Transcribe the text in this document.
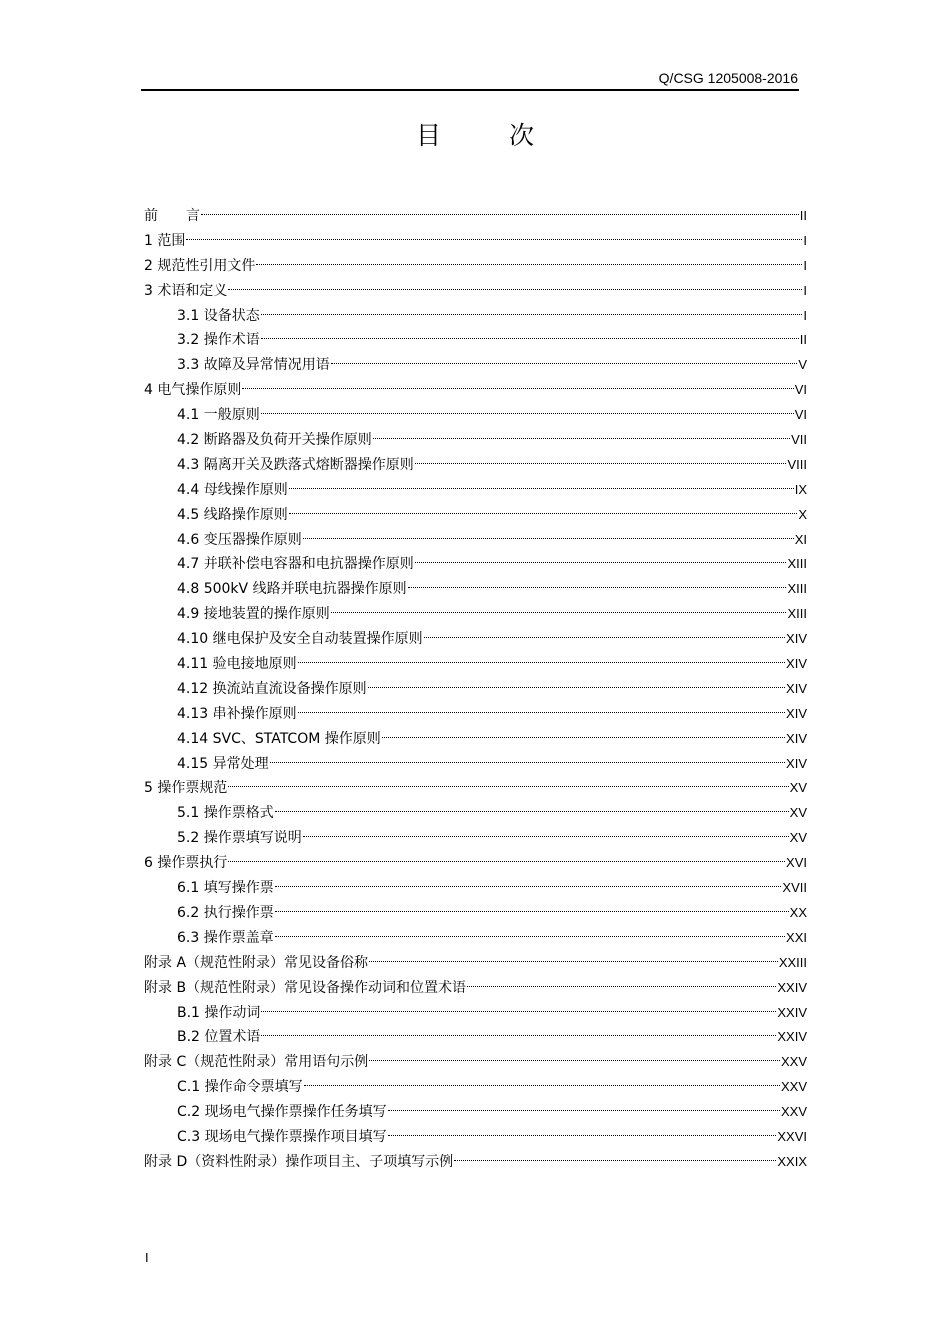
Q/CSG 1205008-2016
目	次
前　　言	II
1 范围	I
2 规范性引用文件	I
3 术语和定义	I
3.1 设备状态	I
3.2 操作术语	II
3.3 故障及异常情况用语	V
4 电气操作原则	VI
4.1 一般原则	VI
4.2 断路器及负荷开关操作原则	VII
4.3 隔离开关及跌落式熔断器操作原则	VIII
4.4 母线操作原则	IX
4.5 线路操作原则	X
4.6 变压器操作原则	XI
4.7 并联补偿电容器和电抗器操作原则	XIII
4.8 500kV 线路并联电抗器操作原则	XIII
4.9 接地装置的操作原则	XIII
4.10 继电保护及安全自动装置操作原则	XIV
4.11 验电接地原则	XIV
4.12 换流站直流设备操作原则	XIV
4.13 串补操作原则	XIV
4.14 SVC、STATCOM 操作原则	XIV
4.15 异常处理	XIV
5 操作票规范	XV
5.1 操作票格式	XV
5.2 操作票填写说明	XV
6 操作票执行	XVI
6.1 填写操作票	XVII
6.2 执行操作票	XX
6.3 操作票盖章	XXI
附录 A（规范性附录）常见设备俗称	XXIII
附录 B（规范性附录）常见设备操作动词和位置术语	XXIV
B.1 操作动词	XXIV
B.2 位置术语	XXIV
附录 C（规范性附录）常用语句示例	XXV
C.1 操作命令票填写	XXV
C.2 现场电气操作票操作任务填写	XXV
C.3 现场电气操作票操作项目填写	XXVI
附录 D（资料性附录）操作项目主、子项填写示例	XXIX
I
